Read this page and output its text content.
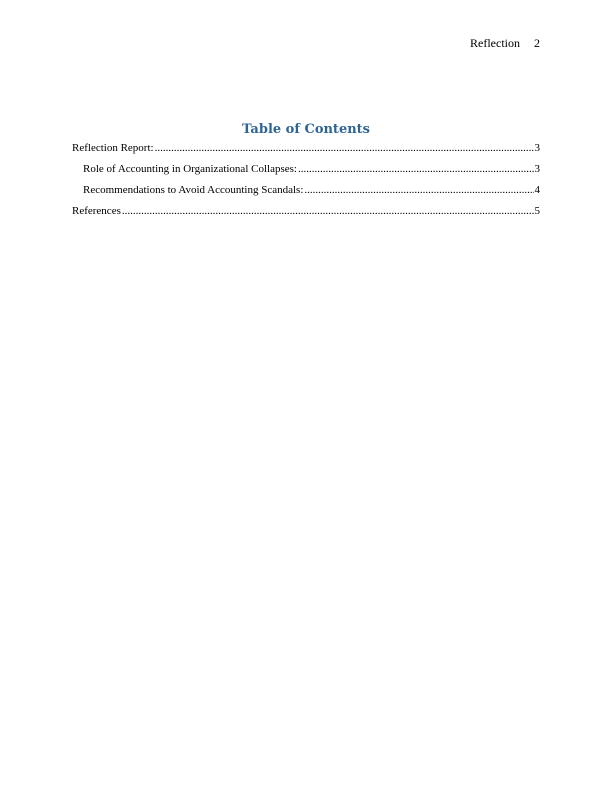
Reflection 2
Table of Contents
Reflection Report: .....	3
Role of Accounting in Organizational Collapses: .....	3
Recommendations to Avoid Accounting Scandals: .....	4
References .....	5
